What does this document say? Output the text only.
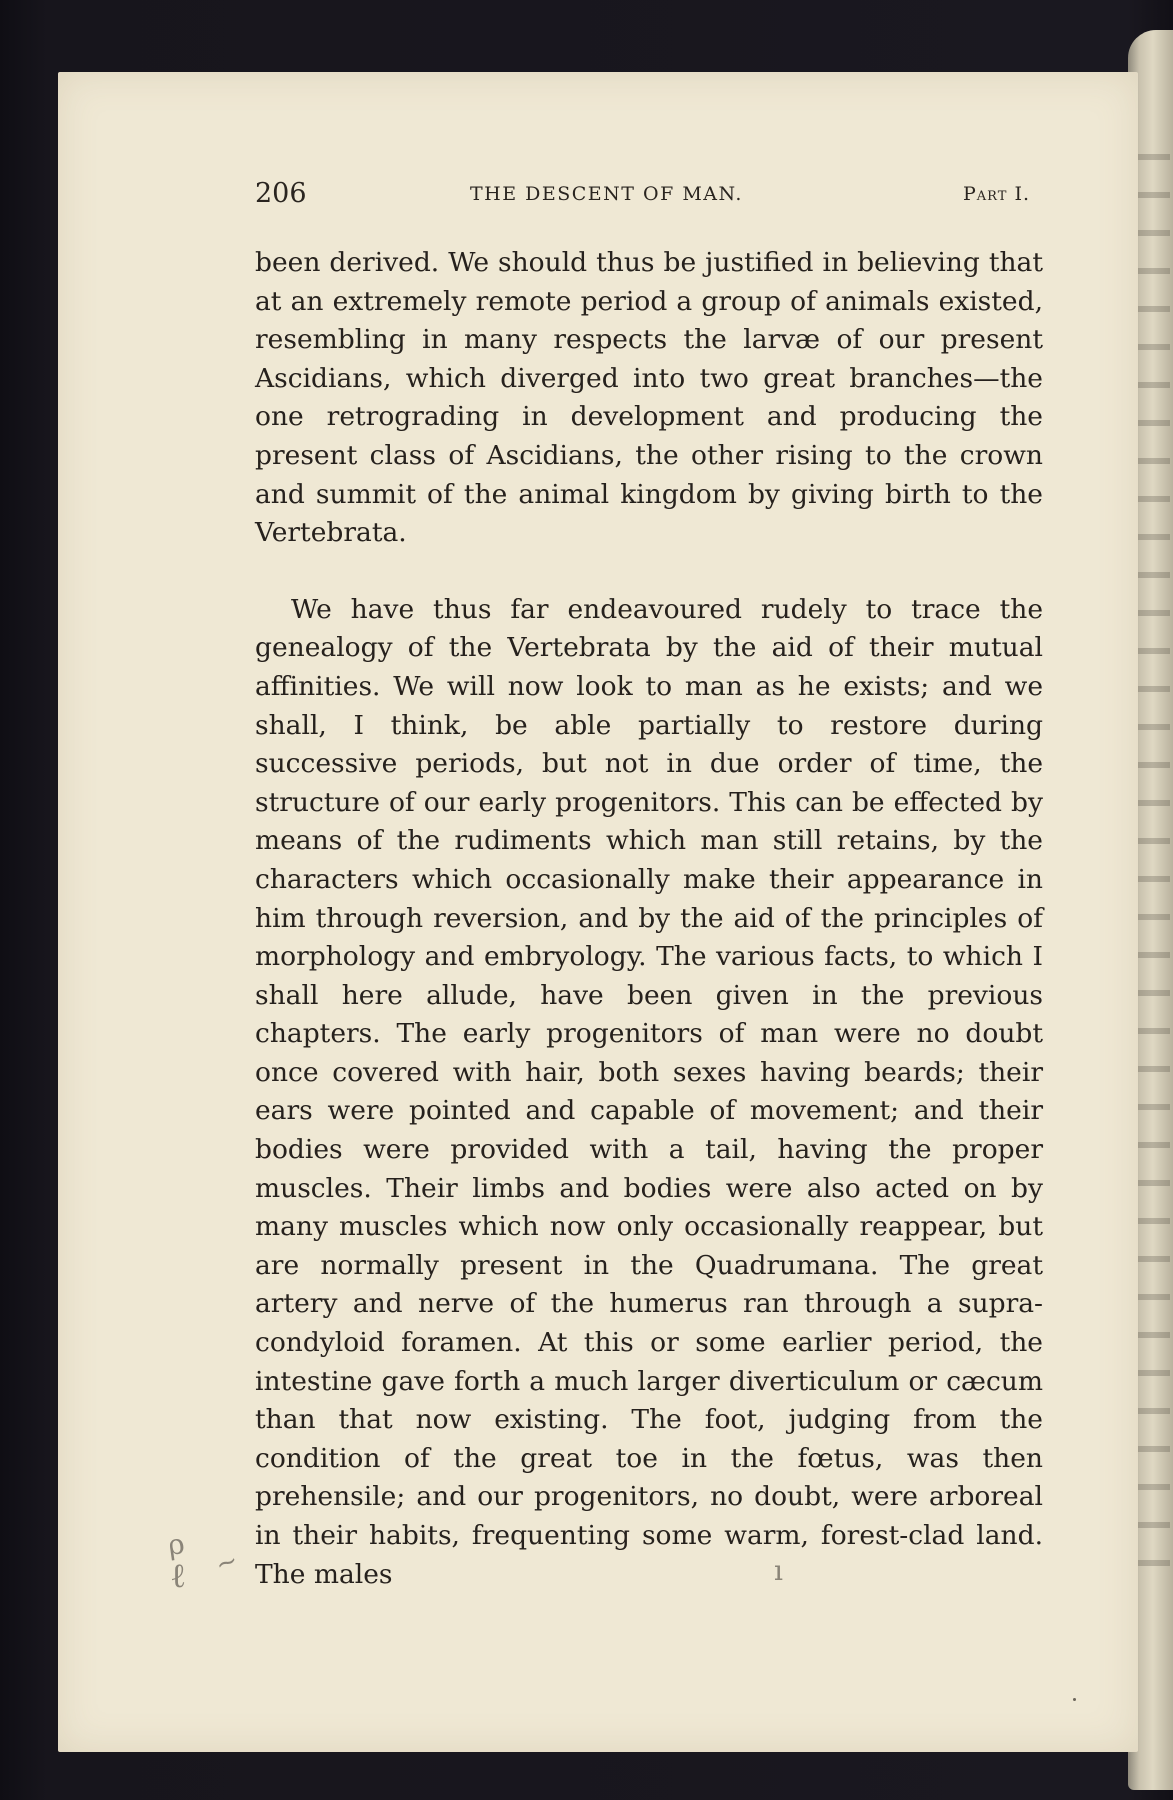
206	THE DESCENT OF MAN.	Part I.

been derived. We should thus be justified in believing that at an extremely remote period a group of animals existed, resembling in many respects the larvæ of our present Ascidians, which diverged into two great branches—the one retrograding in development and producing the present class of Ascidians, the other rising to the crown and summit of the animal kingdom by giving birth to the Vertebrata.

We have thus far endeavoured rudely to trace the genealogy of the Vertebrata by the aid of their mutual affinities. We will now look to man as he exists; and we shall, I think, be able partially to restore during successive periods, but not in due order of time, the structure of our early progenitors. This can be effected by means of the rudiments which man still retains, by the characters which occasionally make their appearance in him through reversion, and by the aid of the principles of morphology and embryology. The various facts, to which I shall here allude, have been given in the previous chapters. The early progenitors of man were no doubt once covered with hair, both sexes having beards; their ears were pointed and capable of movement; and their bodies were provided with a tail, having the proper muscles. Their limbs and bodies were also acted on by many muscles which now only occasionally reappear, but are normally present in the Quadrumana. The great artery and nerve of the humerus ran through a supra-condyloid foramen. At this or some earlier period, the intestine gave forth a much larger diverticulum or cæcum than that now existing. The foot, judging from the condition of the great toe in the fœtus, was then prehensile; and our progenitors, no doubt, were arboreal in their habits, frequenting some warm, forest-clad land. The males

ρ
ℓ ~	ı
